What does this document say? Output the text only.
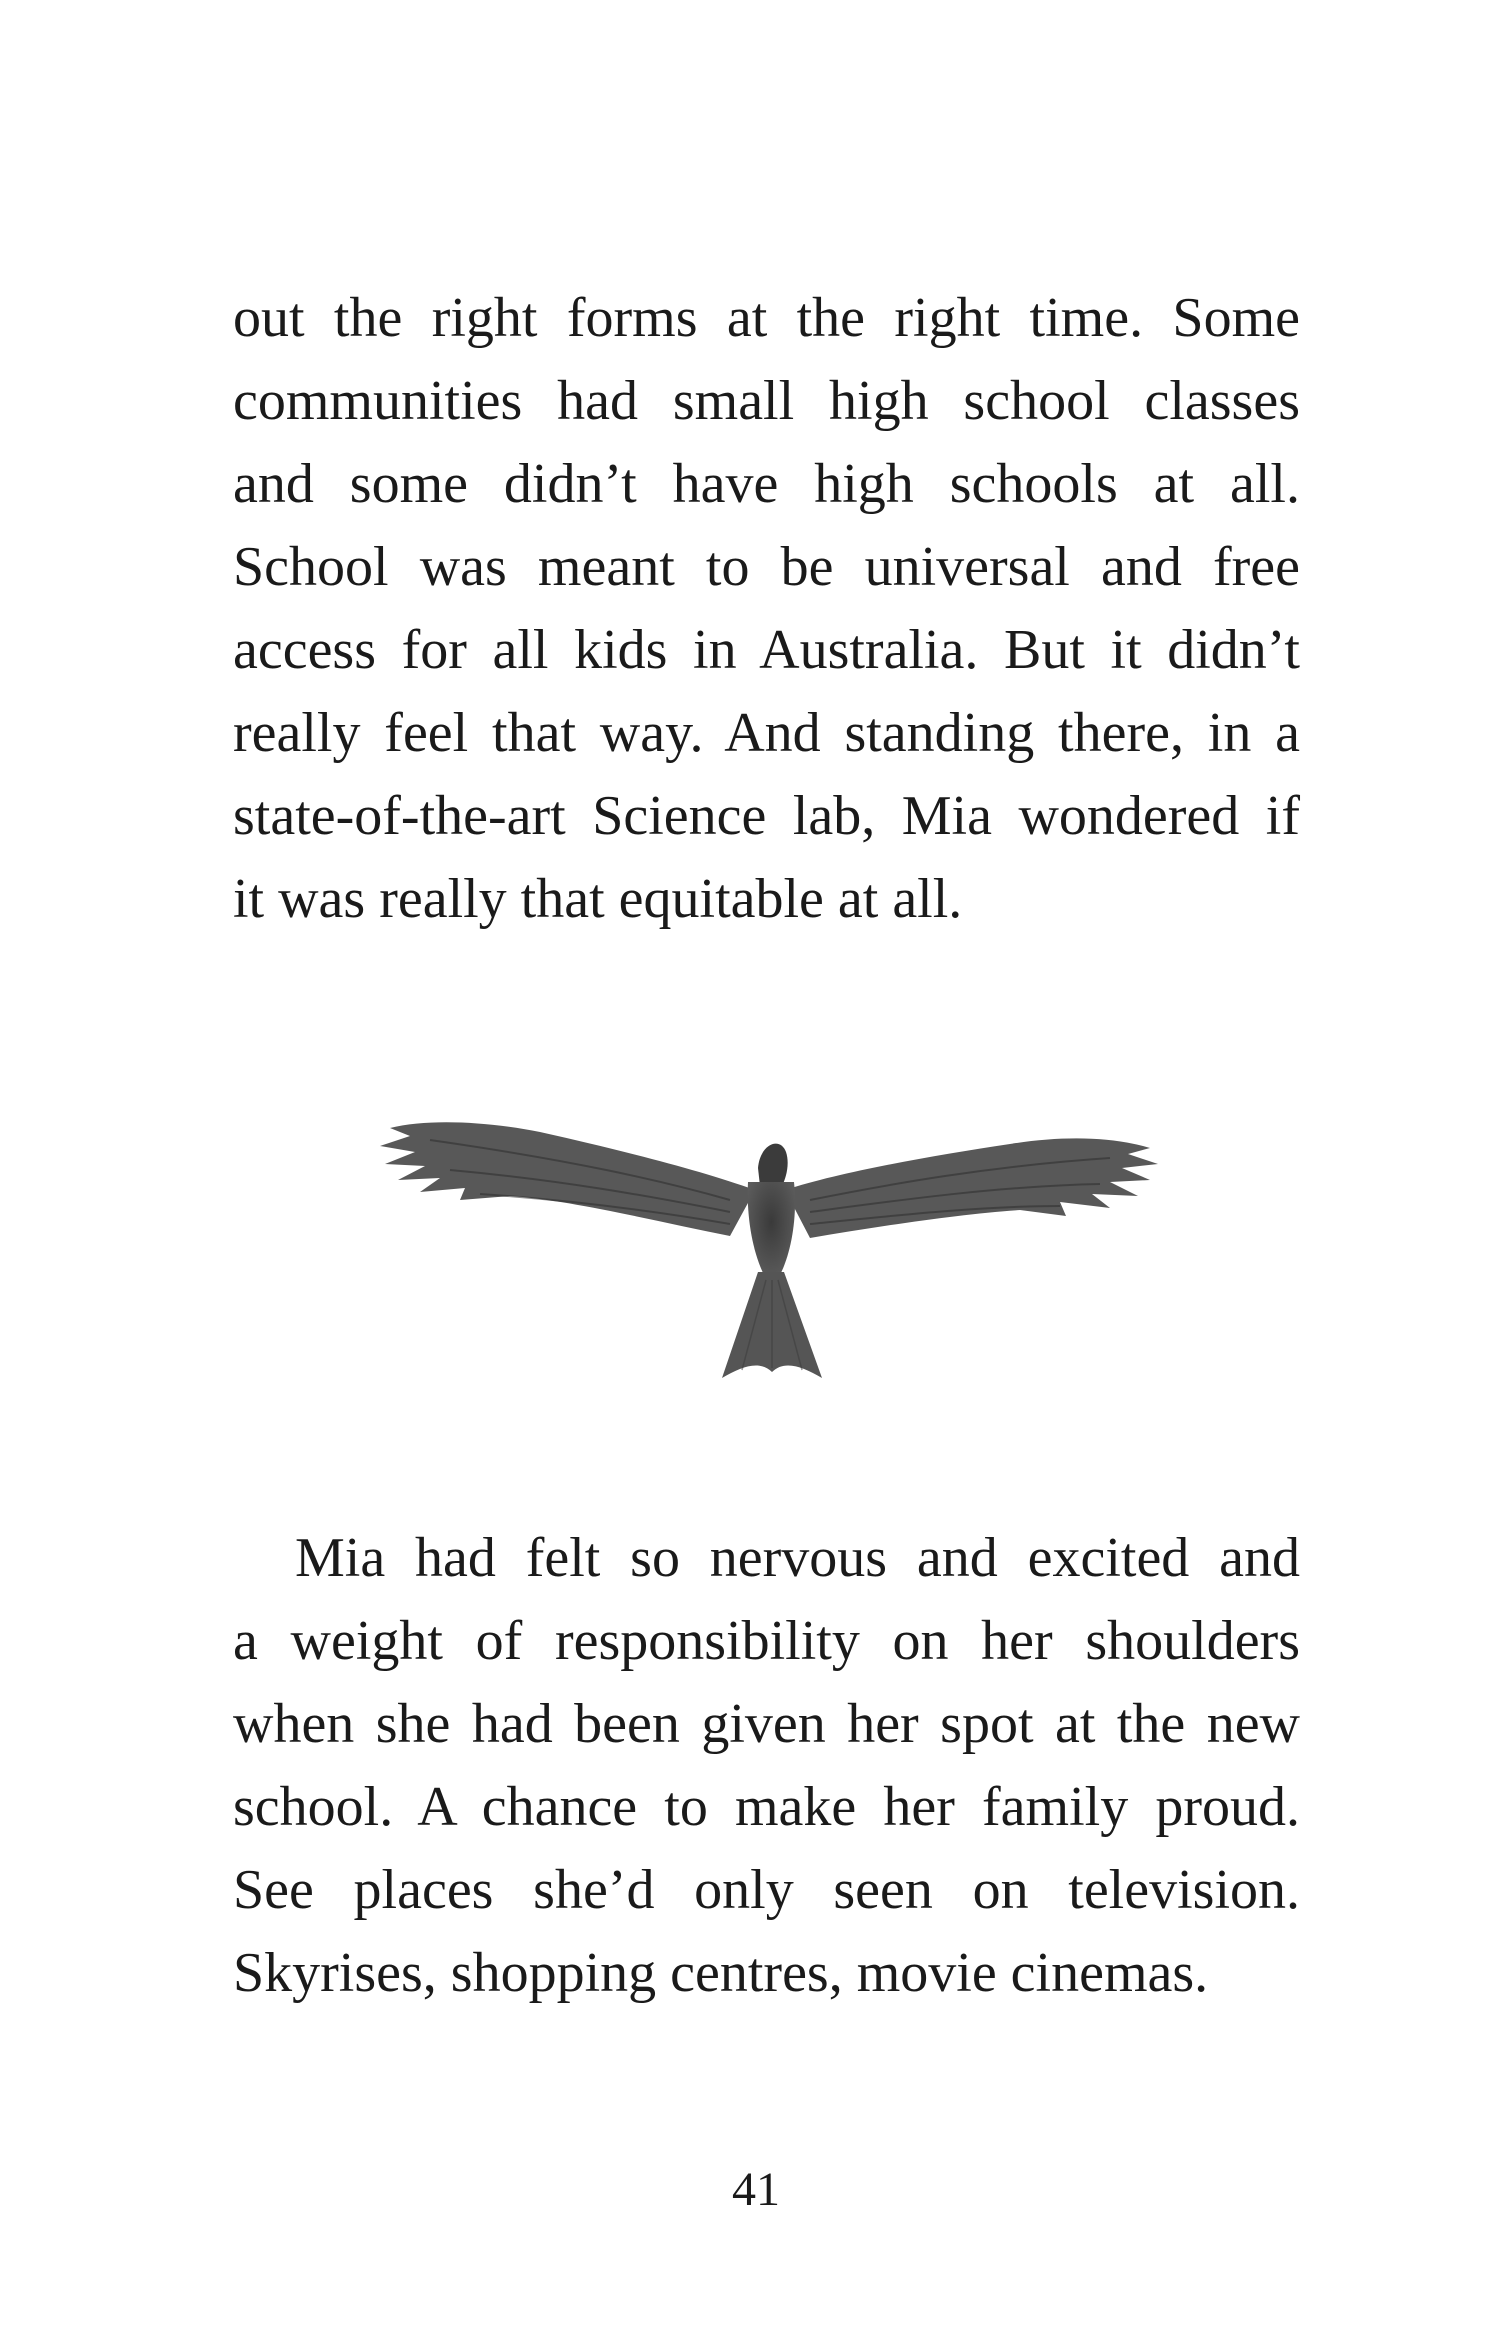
out the right forms at the right time. Some
communities had small high school classes
and some didn’t have high schools at all.
School was meant to be universal and free
access for all kids in Australia. But it didn’t
really feel that way. And standing there, in a
state-of-the-art Science lab, Mia wondered if
it was really that equitable at all.
Mia had felt so nervous and excited and
a weight of responsibility on her shoulders
when she had been given her spot at the new
school. A chance to make her family proud.
See places she’d only seen on television.
Skyrises, shopping centres, movie cinemas.
41
